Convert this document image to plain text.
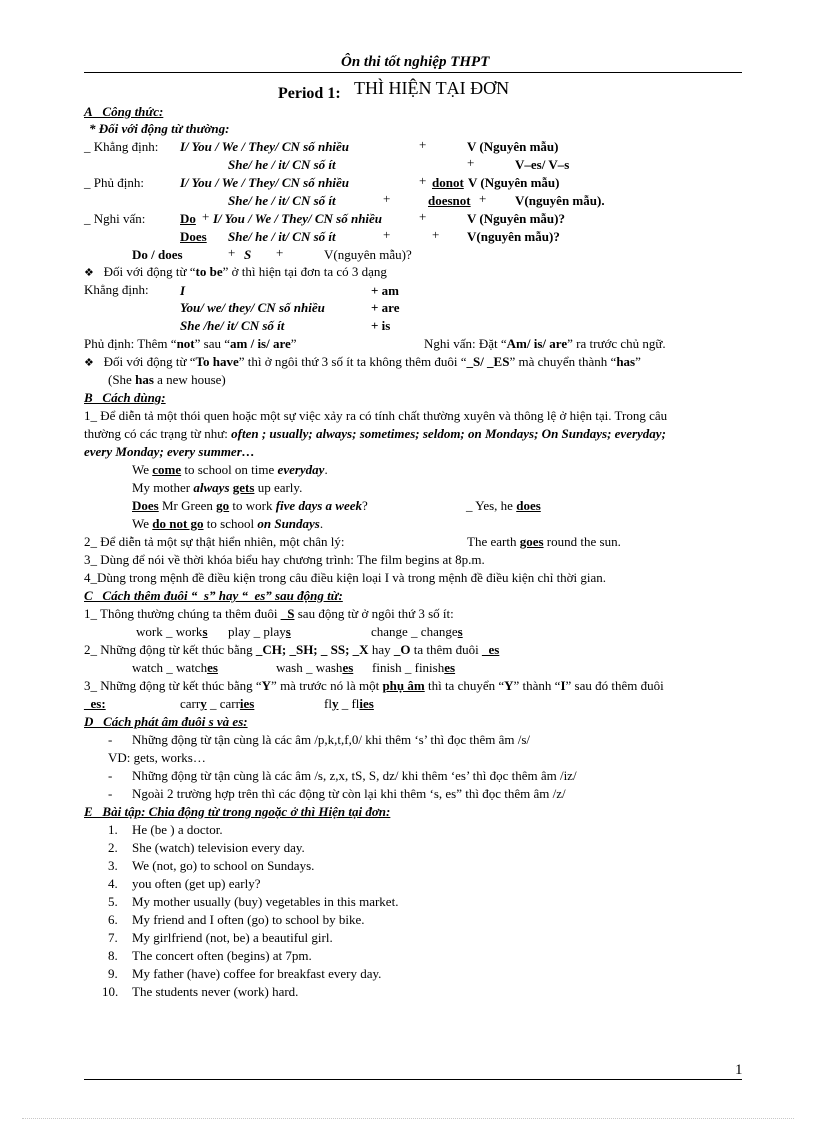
Ôn thi tốt nghiệp THPT
Period 1: THÌ HIỆN TẠI ĐƠN
A_ Công thức:
* Đối với động từ thường:
_ Khẳng định: I/ You / We / They/ CN số nhiều	+	V (Nguyên mẫu)
She/ he / it/ CN số ít	+	V–es/ V–s
_ Phủ định:	I/ You / We / They/ CN số nhiều	+ donot V (Nguyên mẫu)
She/ he / it/ CN số ít	+	doesnot + V(nguyên mẫu).
_ Nghi vấn:	Do + I/ You / We / They/ CN số nhiều	+	V (Nguyên mẫu)?
Does She/ he / it/ CN số ít	+	+ V(nguyên mẫu)?
Do / does	+ S +	V(nguyên mẫu)?
❖ Đối với động từ “to be” ở thì hiện tại đơn ta có 3 dạng
Khẳng định: I	+ am
You/ we/ they/ CN số nhiều	+ are
She /he/ it/ CN số ít	+ is
Phủ định: Thêm “not” sau “am / is/ are”	Nghi vấn: Đặt “Am/ is/ are” ra trước chủ ngữ.
❖ Đối với động từ “To have” thì ở ngôi thứ 3 số ít ta không thêm đuôi “_S/ _ES” mà chuyển thành “has”
(She has a new house)
B_ Cách dùng:
1_ Để diễn tả một thói quen hoặc một sự việc xảy ra có tính chất thường xuyên và thông lệ ở hiện tại. Trong câu
thường có các trạng từ như: often ; usually; always; sometimes; seldom; on Mondays; On Sundays; everyday;
every Monday; every summer…
We come to school on time everyday.
My mother always gets up early.
Does Mr Green go to work five days a week?	_ Yes, he does
We do not go to school on Sundays.
2_ Để diễn tả một sự thật hiển nhiên, một chân lý:	The earth goes round the sun.
3_ Dùng để nói về thời khóa biểu hay chương trình: The film begins at 8p.m.
4_Dùng trong mệnh đề điều kiện trong câu điều kiện loại I và trong mệnh đề điều kiện chỉ thời gian.
C_ Cách thêm đuôi “_s” hay “_es” sau động từ:
1_ Thông thường chúng ta thêm đuôi _S sau động từ ở ngôi thứ 3 số ít:
work _ works play _ plays	change _ changes
2_ Những động từ kết thúc bằng _CH; _SH; _ SS; _X hay _O ta thêm đuôi _es
watch _ watches	wash _ washes finish _ finishes
3_ Những động từ kết thúc bằng “Y” mà trước nó là một phụ âm thì ta chuyển “Y” thành “I” sau đó thêm đuôi
_es:	carry _ carries	fly _ flies
D_ Cách phát âm đuôi s và es:
- Những động từ tận cùng là các âm /p,k,t,f,0/ khi thêm ‘s’ thì đọc thêm âm /s/
VD: gets, works…
- Những động từ tận cùng là các âm /s, z,x, tS, S, dz/ khi thêm ‘es’ thì đọc thêm âm /iz/
- Ngoài 2 trường hợp trên thì các động từ còn lại khi thêm ‘s, es” thì đọc thêm âm /z/
E_ Bài tập: Chia động từ trong ngoặc ở thì Hiện tại đơn:
1. He (be ) a doctor.
2. She (watch) television every day.
3. We (not, go) to school on Sundays.
4. you often (get up) early?
5. My mother usually (buy) vegetables in this market.
6. My friend and I often (go) to school by bike.
7. My girlfriend (not, be) a beautiful girl.
8. The concert often (begins) at 7pm.
9. My father (have) coffee for breakfast every day.
10. The students never (work) hard.
1
